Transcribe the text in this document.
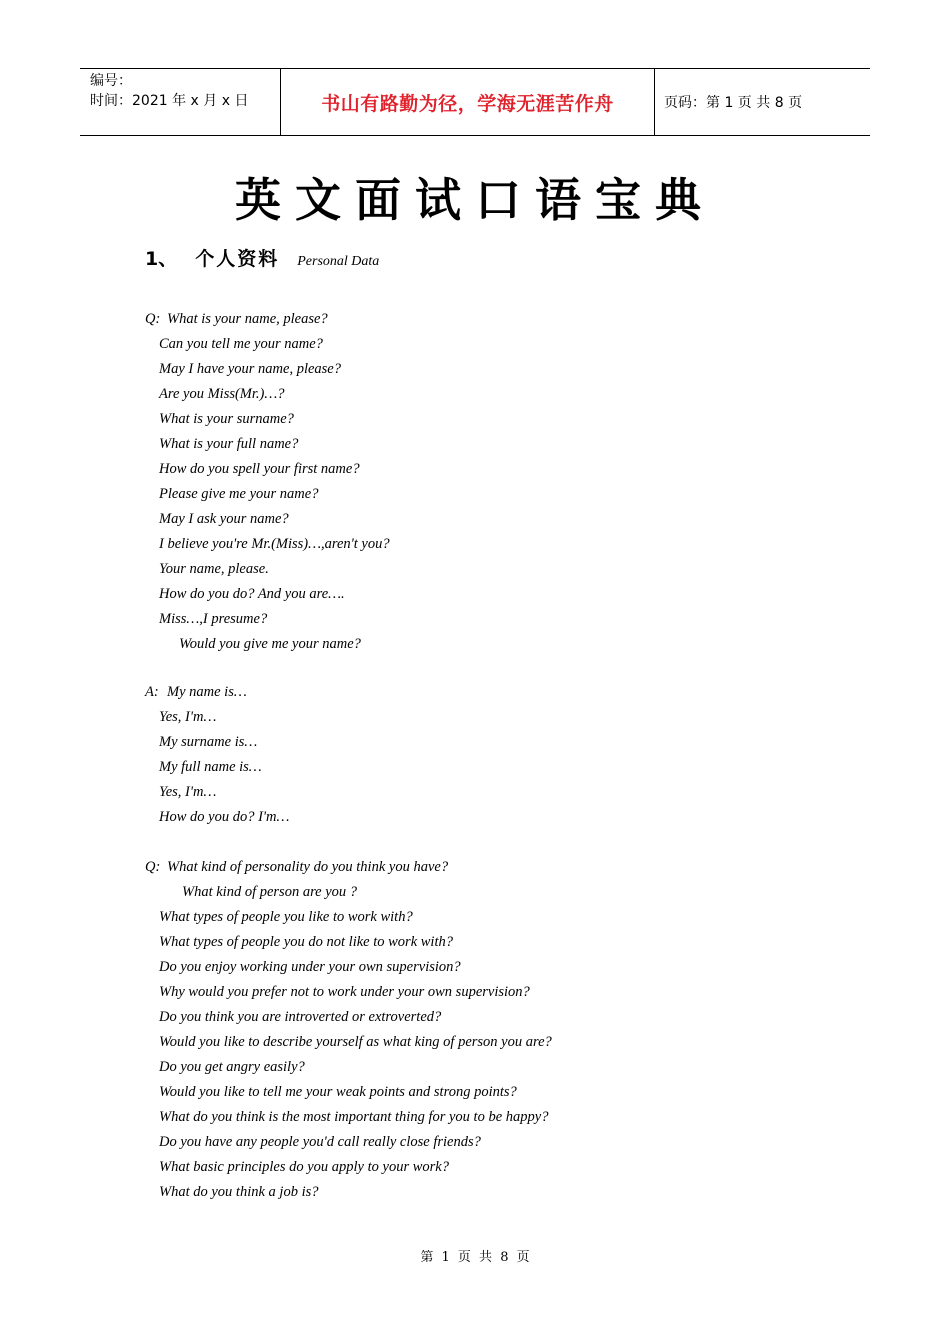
编号：
时间：2021 年 x 月 x 日	书山有路勤为径，学海无涯苦作舟	页码：第 1 页 共 8 页
英文面试口语宝典
1、 个人资料 Personal Data
Q: What is your name, please?
Can you tell me your name?
May I have your name, please?
Are you Miss(Mr.)…?
What is your surname?
What is your full name?
How do you spell your first name?
Please give me your name?
May I ask your name?
I believe you're Mr.(Miss)…,aren't you?
Your name, please.
How do you do? And you are….
Miss…,I presume?
Would you give me your name?
A: My name is…
Yes, I'm…
My surname is…
My full name is…
Yes, I'm…
How do you do? I'm…
Q: What kind of personality do you think you have?
What kind of person are you ?
What types of people you like to work with?
What types of people you do not like to work with?
Do you enjoy working under your own supervision?
Why would you prefer not to work under your own supervision?
Do you think you are introverted or extroverted?
Would you like to describe yourself as what king of person you are?
Do you get angry easily?
Would you like to tell me your weak points and strong points?
What do you think is the most important thing for you to be happy?
Do you have any people you'd call really close friends?
What basic principles do you apply to your work?
What do you think a job is?
第 1 页 共 8 页
